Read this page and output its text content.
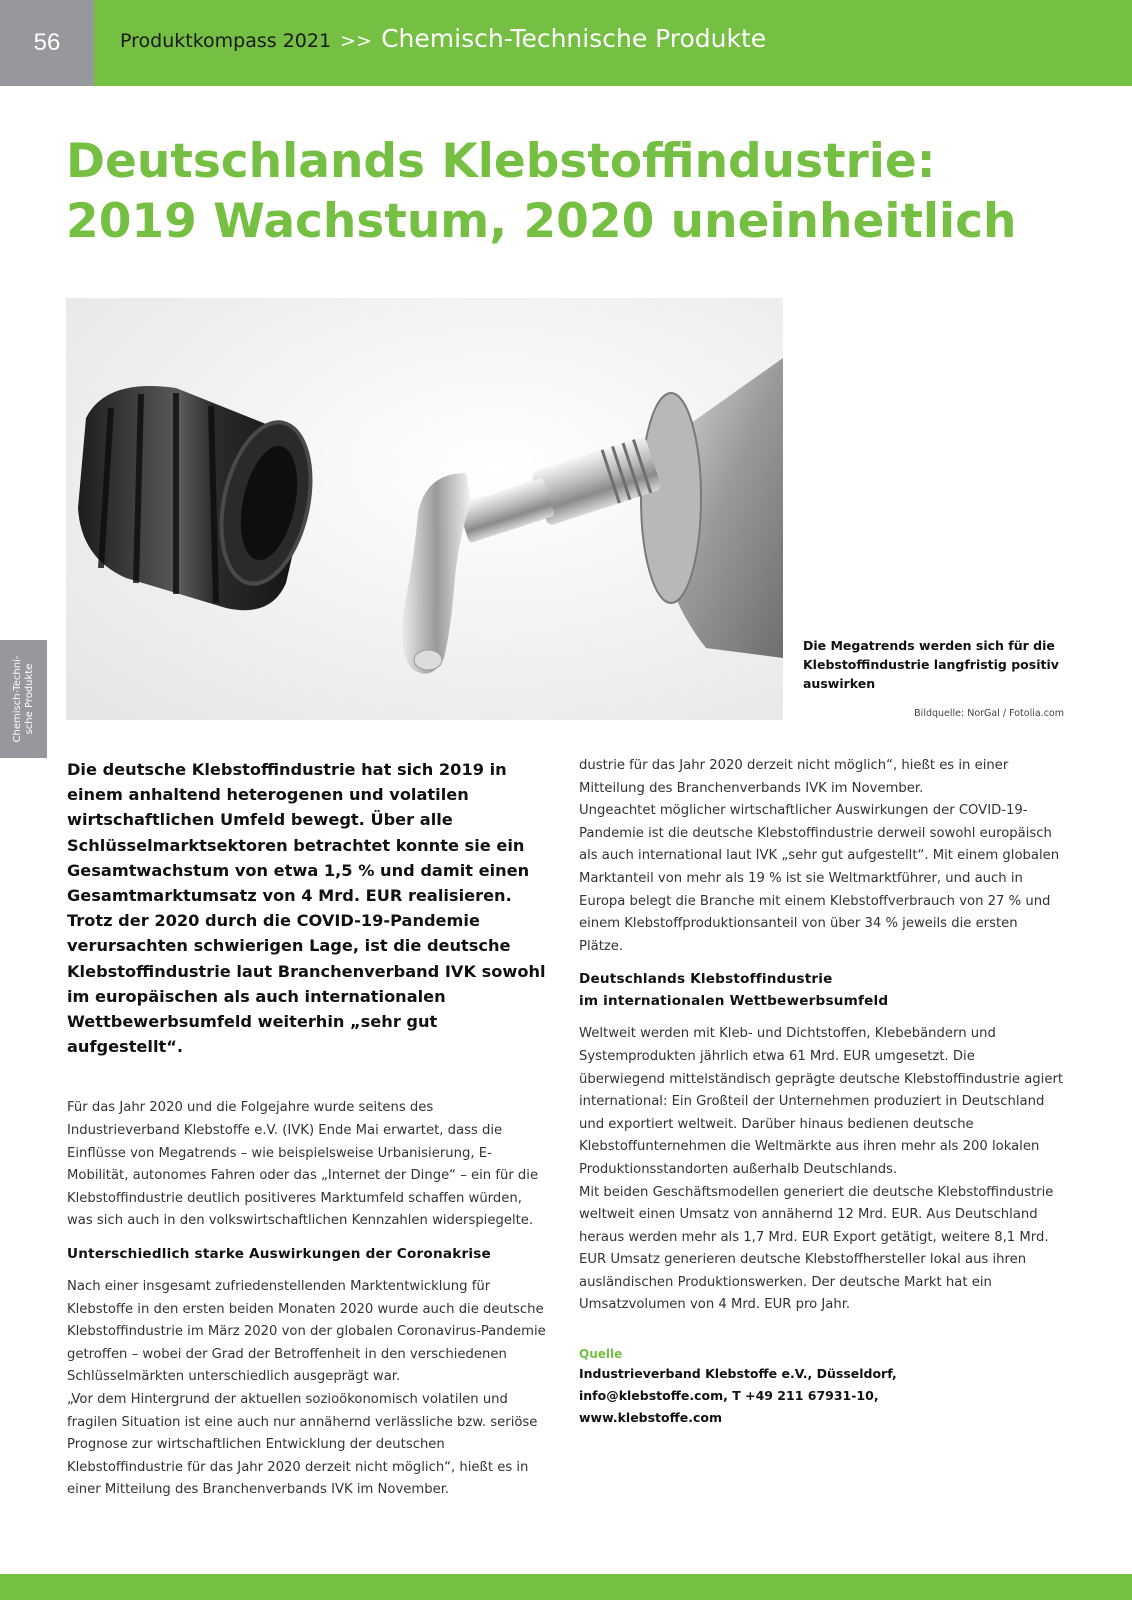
56	Produktkompass 2021 >> Chemisch-Technische Produkte
Deutschlands Klebstoffindustrie:
2019 Wachstum, 2020 uneinheitlich
Die Megatrends werden sich für die Klebstoffindustrie langfristig positiv auswirken
Bildquelle: NorGal / Fotolia.com
Chemisch-Techni- sche Produkte

Die deutsche Klebstoffindustrie hat sich 2019 in einem anhaltend heterogenen und volatilen wirtschaftlichen Umfeld bewegt. Über alle Schlüsselmarktsektoren betrachtet konnte sie ein Gesamtwachstum von etwa 1,5 % und damit einen Gesamtmarktumsatz von 4 Mrd. EUR realisieren. Trotz der 2020 durch die COVID-19-Pandemie verursachten schwierigen Lage, ist die deutsche Klebstoffindustrie laut Branchenverband IVK sowohl im europäischen als auch internationalen Wettbewerbsumfeld weiterhin „sehr gut aufgestellt“.

Für das Jahr 2020 und die Folgejahre wurde seitens des Industrieverband Klebstoffe e.V. (IVK) Ende Mai erwartet, dass die Einflüsse von Megatrends – wie beispielsweise Urbanisierung, E-Mobilität, autonomes Fahren oder das „Internet der Dinge“ – ein für die Klebstoffindustrie deutlich positiveres Marktumfeld schaffen würden, was sich auch in den volkswirtschaftlichen Kennzahlen widerspiegelte.

Unterschiedlich starke Auswirkungen der Coronakrise

Nach einer insgesamt zufriedenstellenden Marktentwicklung für Klebstoffe in den ersten beiden Monaten 2020 wurde auch die deutsche Klebstoffindustrie im März 2020 von der globalen Coronavirus-Pandemie getroffen – wobei der Grad der Betroffenheit in den verschiedenen Schlüsselmärkten unterschiedlich ausgeprägt war.

„Vor dem Hintergrund der aktuellen sozioökonomisch volatilen und fragilen Situation ist eine auch nur annähernd verlässliche bzw. seriöse Prognose zur wirtschaftlichen Entwicklung der deutschen Klebstoffindustrie für das Jahr 2020 derzeit nicht möglich“, hießt es in einer Mitteilung des Branchenverbands IVK im November.

dustrie für das Jahr 2020 derzeit nicht möglich“, hießt es in einer Mitteilung des Branchenverbands IVK im November.

Ungeachtet möglicher wirtschaftlicher Auswirkungen der COVID-19-Pandemie ist die deutsche Klebstoffindustrie derweil sowohl europäisch als auch international laut IVK „sehr gut aufgestellt“. Mit einem globalen Marktanteil von mehr als 19 % ist sie Weltmarktführer, und auch in Europa belegt die Branche mit einem Klebstoffverbrauch von 27 % und einem Klebstoffproduktionsanteil von über 34 % jeweils die ersten Plätze.

Deutschlands Klebstoffindustrie
im internationalen Wettbewerbsumfeld

Weltweit werden mit Kleb- und Dichtstoffen, Klebebändern und Systemprodukten jährlich etwa 61 Mrd. EUR umgesetzt. Die überwiegend mittelständisch geprägte deutsche Klebstoffindustrie agiert international: Ein Großteil der Unternehmen produziert in Deutschland und exportiert weltweit. Darüber hinaus bedienen deutsche Klebstoffunternehmen die Weltmärkte aus ihren mehr als 200 lokalen Produktionsstandorten außerhalb Deutschlands.

Mit beiden Geschäftsmodellen generiert die deutsche Klebstoffindustrie weltweit einen Umsatz von annähernd 12 Mrd. EUR. Aus Deutschland heraus werden mehr als 1,7 Mrd. EUR Export getätigt, weitere 8,1 Mrd. EUR Umsatz generieren deutsche Klebstoffhersteller lokal aus ihren ausländischen Produktionswerken. Der deutsche Markt hat ein Umsatzvolumen von 4 Mrd. EUR pro Jahr.

Quelle

Industrieverband Klebstoffe e.V., Düsseldorf,
info@klebstoffe.com, T +49 211 67931-10,
www.klebstoffe.com
